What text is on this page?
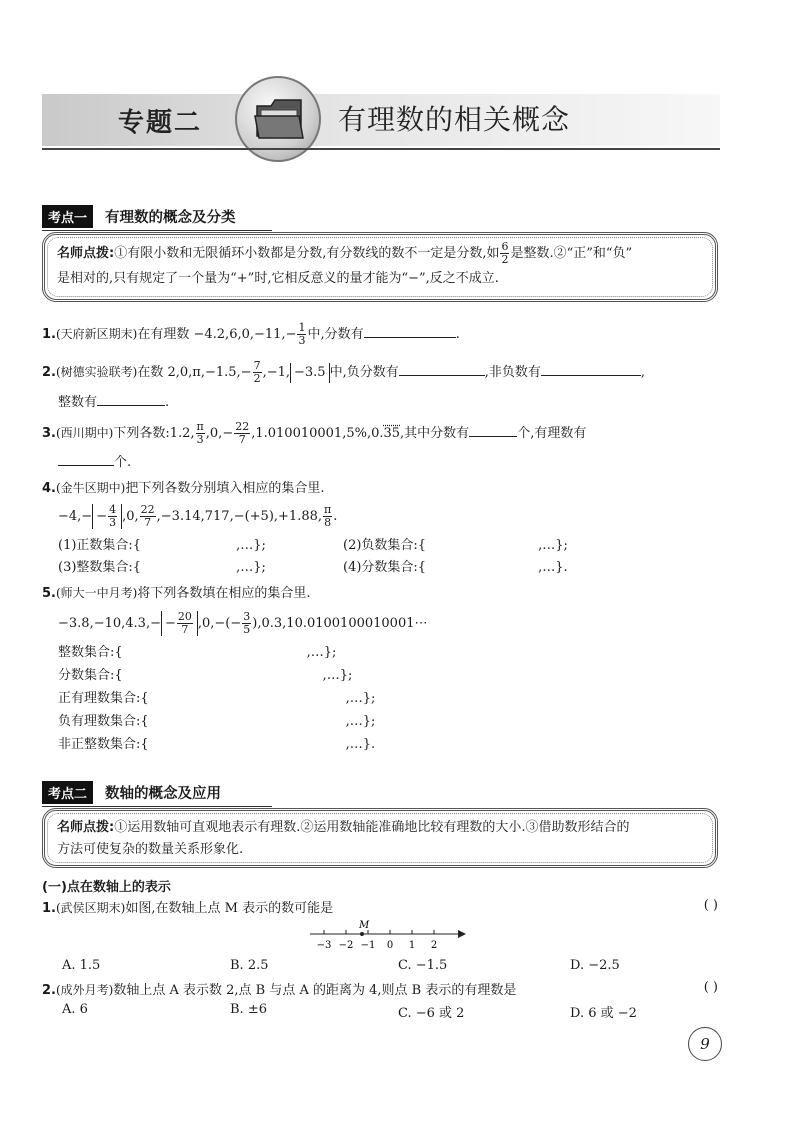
专题二	有理数的相关概念
考点一	有理数的概念及分类
名师点拨:①有限小数和无限循环小数都是分数,有分数线的数不一定是分数,如 $\frac{6}{2}$ 是整数.②“正”和“负”
是相对的,只有规定了一个量为“+”时,它相反意义的量才能为“−”,反之不成立.
1.(天府新区期末)在有理数 $-4.2,6,0,-11,- \frac{1}{3}$ 中,分数有	.
2.(树德实验联考)在数 $2,0,\pi,-1.5,- \frac{7}{2} ,-1$, −3.5 中,负分数有	,非负数有	,
整数有	.
3.(西川期中)下列各数:1.2, $\frac{\pi}{3} ,0,- \frac{22}{7} ,1.010010001,5\%,0.35$,其中分数有	个,有理数有
个.
4.(金牛区期中)把下列各数分别填入相应的集合里.
$-4,- - \frac{4}{3} ,0$, $\frac{22}{7} ,-3.14,717,-(+5),+1.88$, $\frac{\pi}{8}$ .
(1)正数集合:{	,…};	(2)负数集合:{	,…};
(3)整数集合:{	,…};	(4)分数集合:{	,…}.
5.(师大一中月考)将下列各数填在相应的集合里.
$-3.8,-10,4.3,- - \frac{20}{7} ,0,-(- \frac{3}{5}$ ),0.3,10.0100100010001⋯
整数集合:{	,…};
分数集合:{	,…};
正有理数集合:{	,…};
负有理数集合:{	,…};
非正整数集合:{	,…}.
考点二	数轴的概念及应用
名师点拨:①运用数轴可直观地表示有理数.②运用数轴能准确地比较有理数的大小.③借助数形结合的
方法可使复杂的数量关系形象化.
(一)点在数轴上的表示
1.(武侯区期末)如图,在数轴上点 M 表示的数可能是	( )
−3 −2 −1 0 1 2
M
A. 1.5	B. 2.5	C. −1.5	D. −2.5
2.(成外月考)数轴上点 A 表示数 2,点 B 与点 A 的距离为 4,则点 B 表示的有理数是	( )
A. 6	B. ±6	C. −6 或 2	D. 6 或 −2
9
